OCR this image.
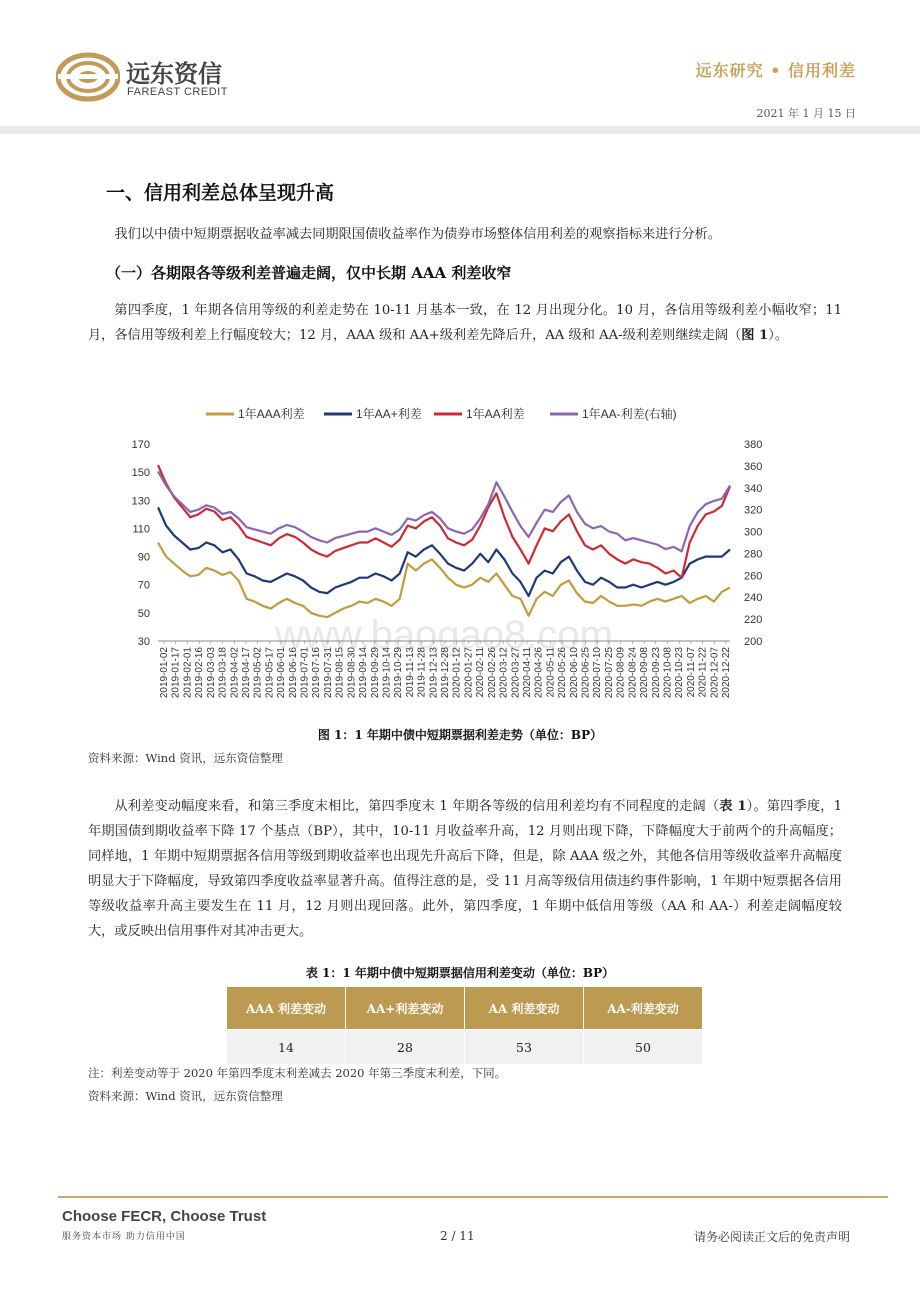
远东资信
FAREAST CREDIT
远东研究 • 信用利差
2021 年 1 月 15 日
一、信用利差总体呈现升高
我们以中债中短期票据收益率减去同期限国债收益率作为债券市场整体信用利差的观察指标来进行分析。
（一）各期限各等级利差普遍走阔，仅中长期 AAA 利差收窄
第四季度，1 年期各信用等级的利差走势在 10-11 月基本一致，在 12 月出现分化。10 月，各信用等级利差小幅收窄；11 月，各信用等级利差上行幅度较大；12 月，AAA 级和 AA+级利差先降后升，AA 级和 AA-级利差则继续走阔（图 1）。
www.baogao8.com
30
50
70
90
110
130
150
170
200
220
240
260
280
300
320
340
360
380
2019-01-02 2019-01-17 2019-02-01 2019-02-16 2019-03-03 2019-03-18 2019-04-02 2019-04-17 2019-05-02 2019-05-17 2019-06-01 2019-06-16 2019-07-01 2019-07-16 2019-07-31 2019-08-15 2019-08-30 2019-09-14 2019-09-29 2019-10-14 2019-10-29 2019-11-13 2019-11-28 2019-12-13 2019-12-28 2020-01-12 2020-01-27 2020-02-11 2020-02-26 2020-03-12 2020-03-27 2020-04-11 2020-04-26 2020-05-11 2020-05-26 2020-06-10 2020-06-25 2020-07-10 2020-07-25 2020-08-09 2020-08-24 2020-09-08 2020-09-23 2020-10-08 2020-10-23 2020-11-07 2020-11-22 2020-12-07 2020-12-22
1年AAA利差	1年AA+利差	1年AA利差	1年AA-利差(右轴)
图 1：1 年期中债中短期票据利差走势（单位：BP）
资料来源：Wind 资讯，远东资信整理
从利差变动幅度来看，和第三季度末相比，第四季度末 1 年期各等级的信用利差均有不同程度的走阔（表 1）。第四季度，1 年期国债到期收益率下降 17 个基点（BP），其中，10-11 月收益率升高，12 月则出现下降，下降幅度大于前两个的升高幅度；同样地，1 年期中短期票据各信用等级到期收益率也出现先升高后下降，但是，除 AAA 级之外，其他各信用等级收益率升高幅度明显大于下降幅度，导致第四季度收益率显著升高。值得注意的是，受 11 月高等级信用债违约事件影响，1 年期中短票据各信用等级收益率升高主要发生在 11 月，12 月则出现回落。此外，第四季度，1 年期中低信用等级（AA 和 AA-）利差走阔幅度较大，或反映出信用事件对其冲击更大。
表 1：1 年期中债中短期票据信用利差变动（单位：BP）
AAA 利差变动	AA+利差变动	AA 利差变动	AA-利差变动
14	28	53	50
注：利差变动等于 2020 年第四季度末利差减去 2020 年第三季度末利差，下同。
资料来源：Wind 资讯，远东资信整理
Choose FECR, Choose Trust
服务资本市场 助力信用中国	2 / 11	请务必阅读正文后的免责声明
